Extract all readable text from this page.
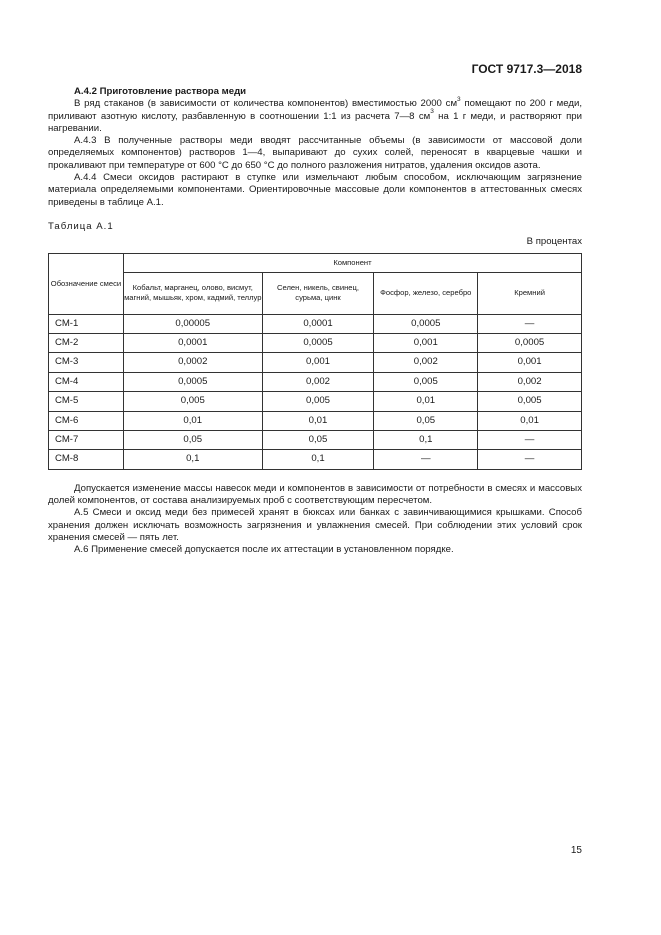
ГОСТ 9717.3—2018
А.4.2 Приготовление раствора меди

В ряд стаканов (в зависимости от количества компонентов) вместимостью 2000 $см^3$ помещают по 200 г меди, приливают азотную кислоту, разбавленную в соотношении 1:1 из расчета 7—8 $см^3$ на 1 г меди, и растворяют при нагревании.

А.4.3 В полученные растворы меди вводят рассчитанные объемы (в зависимости от массовой доли определяемых компонентов) растворов 1—4, выпаривают до сухих солей, переносят в кварцевые чашки и прокаливают при температуре от 600 °С до 650 °С до полного разложения нитратов, удаления оксидов азота.

А.4.4 Смеси оксидов растирают в ступке или измельчают любым способом, исключающим загрязнение материала определяемыми компонентами. Ориентировочные массовые доли компонентов в аттестованных смесях приведены в таблице А.1.

Таблица А.1
В процентах
Обозначение смеси	Компонент			
	Кобальт, марганец, олово, висмут, магний, мышьяк, хром, кадмий, теллур	Селен, никель, свинец, сурьма, цинк	Фосфор, железо, серебро	Кремний
СМ-1	0,00005	0,0001	0,0005	—
СМ-2	0,0001	0,0005	0,001	0,0005
СМ-3	0,0002	0,001	0,002	0,001
СМ-4	0,0005	0,002	0,005	0,002
СМ-5	0,005	0,005	0,01	0,005
СМ-6	0,01	0,01	0,05	0,01
СМ-7	0,05	0,05	0,1	—
СМ-8	0,1	0,1	—	—

Допускается изменение массы навесок меди и компонентов в зависимости от потребности в смесях и массовых долей компонентов, от состава анализируемых проб с соответствующим пересчетом.

А.5 Смеси и оксид меди без примесей хранят в бюксах или банках с завинчивающимися крышками. Способ хранения должен исключать возможность загрязнения и увлажнения смесей. При соблюдении этих условий срок хранения смесей — пять лет.

А.6 Применение смесей допускается после их аттестации в установленном порядке.

15
